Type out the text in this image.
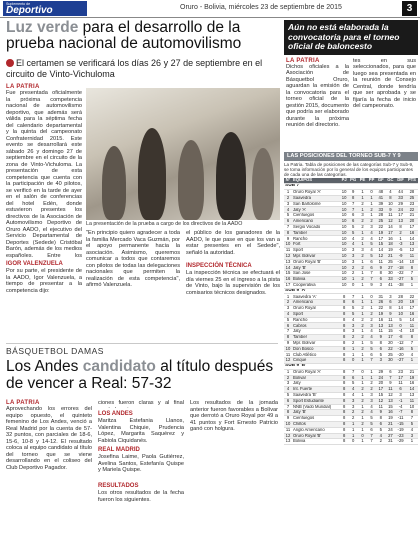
Suplemento de
Deportivo	Oruro - Bolivia, miércoles 23 de septiembre de 2015	3
Luz verde para el desarrollo de la prueba nacional de automovilismo
El certamen se verificará los días 26 y 27 de septiembre en el circuito de Vinto-Vichuloma
LA PATRIA
Fue presentada oficialmente la próxima competencia nacional de automovilismo deportivo, que además será válida para la séptima fecha del calendario departamental y la quinta del campeonato Confraternidad 2015. Este evento se desarrollará este sábado 26 y domingo 27 de septiembre en el circuito de la zona de Vinto-Vichuloma. La presentación de esta competencia que cuenta con la participación de 40 pilotos, se verificó en la tarde de ayer en el salón de conferencias del hotel Edén, donde estuvieron presentes los directivos de la Asociación de Automovilismo Deportivo de Oruro AADO, el ejecutivo del Servicio Departamental de Deportes (Sedede) Cristóbal Barón, además de los medios españoles. Entre los
IGOR VALENZUELA
Por su parte, el presidente de la AADO, Igor Valenzuela, a tiempo de presentar a la competencia dijo:
La presentación de la prueba a cargo de los directivos de la AADO
"En principio quiero agradecer a toda la familia Mercado Vaca Guzmán, por el apoyo permanente hacia la asociación. Asimismo, queremos comunicar a todos que contaremos con pilotos de todas las delegaciones nacionales que permiten la realización de esta competencia", afirmó Valenzuela.
el público de los ganadores de la AADO, le que pase en que los van a estar presentes en el Sedede", señaló la autoridad.
INSPECCIÓN TÉCNICA
La inspección técnica se efectuará el día viernes 25 en el ingreso a la pista de Vinto, bajo la supervisión de los comisarios técnicos designados.
BÁSQUETBOL DAMAS
Los Andes candidato al título después de vencer a Real: 57-32
LA PATRIA
Aprovechando los errores del equipo opuesto, el quinteto femenino de Los Andes, venció a Real Madrid por la cuenta de 57-32 puntos, con parciales de 18-6, 15-6, 10-8 y 14-12. El resultado coloca al equipo candidato al título del torneo que se viene desarrollando en el coliseo del Club Deportivo Pagador.
ciones fueron claras y al final
LOS ANDES
Maritza Estefania Llanos, Valentina Chiquie, Prudencia López, Margarita Saquérez y Fabiola Ciquidanés.
REAL MADRID
Josefina Laime, Paola Gutiérrez, Avelina Santos, Estefanía Quispe y Mariela Quispe.
RESULTADOS
Los otros resultados de la fecha fueron los siguientes.
Los resultados de la jornada anterior fueron favorables a Bolívar que derrotó a Oruro Royal por 49 a 41 puntos y Fort Ernesto Patricio ganó con holgura.
Aún no está elaborada la convocatoria para el torneo oficial de baloncesto
LA PATRIA
Dichos oficiales a la Asociación de Básquetbol Oruro, aguardan la emisión de la convocatoria para el torneo oficial de la gestión 2015, documento que podría ser elaborado durante la próxima reunión del directorio.
tes en sus seleccionados, para que luego sea presentada en la reunión de Consejo Central, donde tendría que ser aprobada y se fijaría la fecha de inicio del campeonato.
LAS POSICIONES DEL TORNEO SUB-7 Y 9
La Patria. Tabla de posiciones de las categorías Sub-7 y Sub-9, se toma información por lo general de los equipos participantes de cada una de las categorías.
N°	EQUIPOS	PJ	PG	PE	PP	GF	GC	DIF	PTS
SUB 7									
1	Oruro Royal 'A'	10	9	1	0	48	4	44	28
2	Saavedra	10	8	1	1	41	8	33	25
3	San Bartolomé	10	7	2	1	39	10	29	23
4	Jaty 'A'	10	7	1	2	33	9	24	22
5	Cienfuegos	10	6	3	1	28	11	17	21
6	Americano	10	6	2	2	25	12	13	20
7	Sergio Vocado	10	5	2	3	22	14	8	17
8	Tamber	10	5	1	4	19	17	2	16
9	Rancho	10	4	2	4	17	16	1	14
10	Fort	10	4	1	5	15	18	-3	13
11	Sport	10	3	3	4	14	19	-5	12
12	Mpr. Bolívar	10	3	2	5	12	21	-9	11
13	Oruro Royal 'B'	10	3	1	6	11	25	-14	10
14	Jaty 'B'	10	2	2	6	9	27	-18	8
15	San José	10	2	1	7	8	30	-22	7
16	Bolivia	10	1	2	7	6	33	-27	5
17	Cooperativa	10	0	1	9	3	41	-38	1
SUB 9 'A'									
1	Saavedra 'A'	8	7	1	0	31	3	28	22
2	Americano	8	6	1	1	26	6	20	19
3	Oruro Royal	8	5	2	1	22	8	14	17
4	Sport	8	5	1	2	19	9	10	16
5	Rancho	8	4	2	2	16	11	5	14
6	Cabros	8	3	2	3	13	13	0	11
7	Jaty	8	3	1	4	11	15	-4	10
8	Tamber	8	2	2	4	9	17	-8	8
9	Mpr. Bolívar	8	2	1	5	8	20	-12	7
10	Don Bosco	8	1	2	5	6	22	-16	5
11	Club Atlético	8	1	1	6	5	25	-20	4
12	Cinqué	8	0	1	7	3	30	-27	1
SUB 9 'B'									
1	Oruro Royal 'A'	8	7	0	1	29	6	23	21
2	Bolívar	8	6	1	1	24	7	17	19
3	Jaty	8	5	1	2	20	9	11	16
4	Int. Fuerte	8	4	2	2	17	11	6	14
5	Saavedra 'B'	8	4	1	3	15	12	3	13
6	Sport Estudiante	8	3	2	3	12	13	-1	11
7	NNB (Vado Mundial)	8	3	1	4	11	15	-4	10
8	Jaty 'B'	8	2	2	4	9	16	-7	8
9	Cienfuegos	8	2	1	5	8	19	-11	7
10	Chiltos	8	1	2	5	6	21	-15	5
11	Anglo Americano	8	1	1	6	5	24	-19	4
12	Oruro Royal 'B'	8	1	0	7	4	27	-23	3
13	Bolivia	8	0	1	7	2	31	-29	1
